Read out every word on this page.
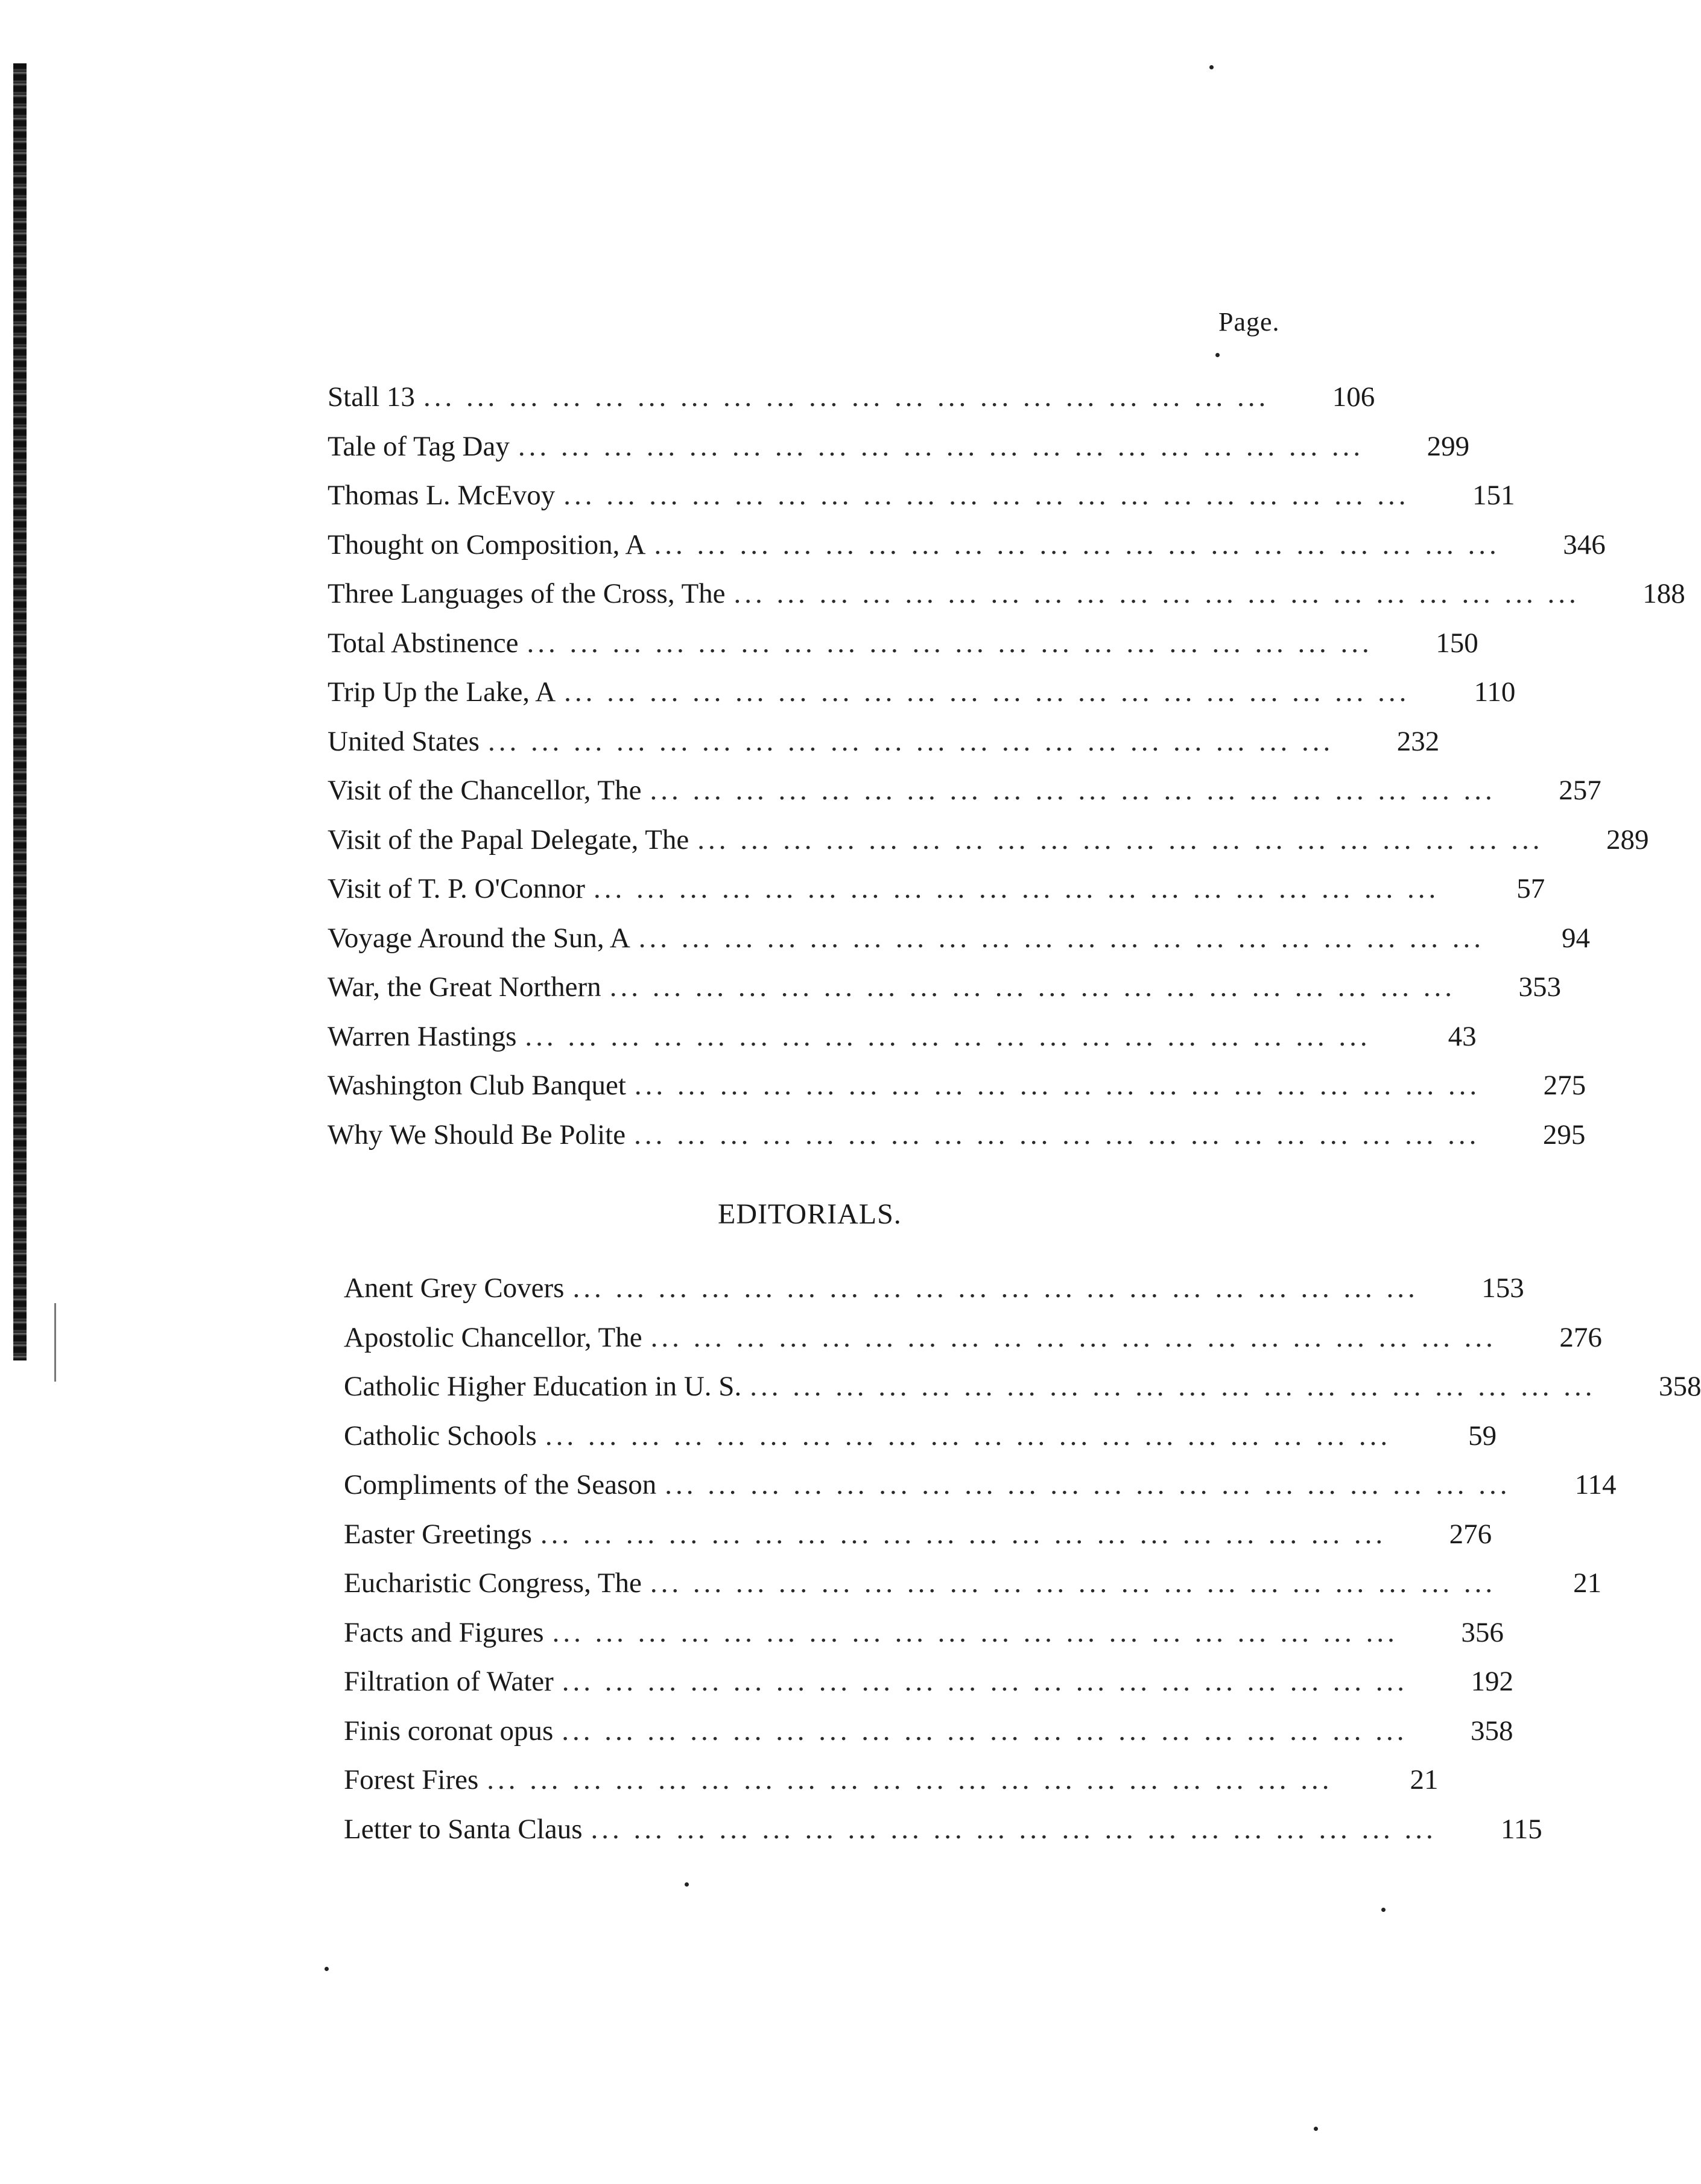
Page.
Stall 13 ... ... ... ... ... ... ... ... ... ... ... ... ... ... ... ... ... ... ... ...	106
Tale of Tag Day ... ... ... ... ... ... ... ... ... ... ... ... ... ... ... ... ... ... ... ...	299
Thomas L. McEvoy ... ... ... ... ... ... ... ... ... ... ... ... ... ... ... ... ... ... ... ...	151
Thought on Composition, A ... ... ... ... ... ... ... ... ... ... ... ... ... ... ... ... ... ... ... ...	346
Three Languages of the Cross, The ... ... ... ... ... ... ... ... ... ... ... ... ... ... ... ... ... ... ... ...	188
Total Abstinence ... ... ... ... ... ... ... ... ... ... ... ... ... ... ... ... ... ... ... ...	150
Trip Up the Lake, A ... ... ... ... ... ... ... ... ... ... ... ... ... ... ... ... ... ... ... ...	110
United States ... ... ... ... ... ... ... ... ... ... ... ... ... ... ... ... ... ... ... ...	232
Visit of the Chancellor, The ... ... ... ... ... ... ... ... ... ... ... ... ... ... ... ... ... ... ... ...	257
Visit of the Papal Delegate, The ... ... ... ... ... ... ... ... ... ... ... ... ... ... ... ... ... ... ... ...	289
Visit of T. P. O'Connor ... ... ... ... ... ... ... ... ... ... ... ... ... ... ... ... ... ... ... ...	57
Voyage Around the Sun, A ... ... ... ... ... ... ... ... ... ... ... ... ... ... ... ... ... ... ... ...	94
War, the Great Northern ... ... ... ... ... ... ... ... ... ... ... ... ... ... ... ... ... ... ... ...	353
Warren Hastings ... ... ... ... ... ... ... ... ... ... ... ... ... ... ... ... ... ... ... ...	43
Washington Club Banquet ... ... ... ... ... ... ... ... ... ... ... ... ... ... ... ... ... ... ... ...	275
Why We Should Be Polite ... ... ... ... ... ... ... ... ... ... ... ... ... ... ... ... ... ... ... ...	295
EDITORIALS.
Anent Grey Covers ... ... ... ... ... ... ... ... ... ... ... ... ... ... ... ... ... ... ... ...	153
Apostolic Chancellor, The ... ... ... ... ... ... ... ... ... ... ... ... ... ... ... ... ... ... ... ...	276
Catholic Higher Education in U. S. ... ... ... ... ... ... ... ... ... ... ... ... ... ... ... ... ... ... ... ...	358
Catholic Schools ... ... ... ... ... ... ... ... ... ... ... ... ... ... ... ... ... ... ... ...	59
Compliments of the Season ... ... ... ... ... ... ... ... ... ... ... ... ... ... ... ... ... ... ... ...	114
Easter Greetings ... ... ... ... ... ... ... ... ... ... ... ... ... ... ... ... ... ... ... ...	276
Eucharistic Congress, The ... ... ... ... ... ... ... ... ... ... ... ... ... ... ... ... ... ... ... ...	21
Facts and Figures ... ... ... ... ... ... ... ... ... ... ... ... ... ... ... ... ... ... ... ...	356
Filtration of Water ... ... ... ... ... ... ... ... ... ... ... ... ... ... ... ... ... ... ... ...	192
Finis coronat opus ... ... ... ... ... ... ... ... ... ... ... ... ... ... ... ... ... ... ... ...	358
Forest Fires ... ... ... ... ... ... ... ... ... ... ... ... ... ... ... ... ... ... ... ...	21
Letter to Santa Claus ... ... ... ... ... ... ... ... ... ... ... ... ... ... ... ... ... ... ... ...	115
